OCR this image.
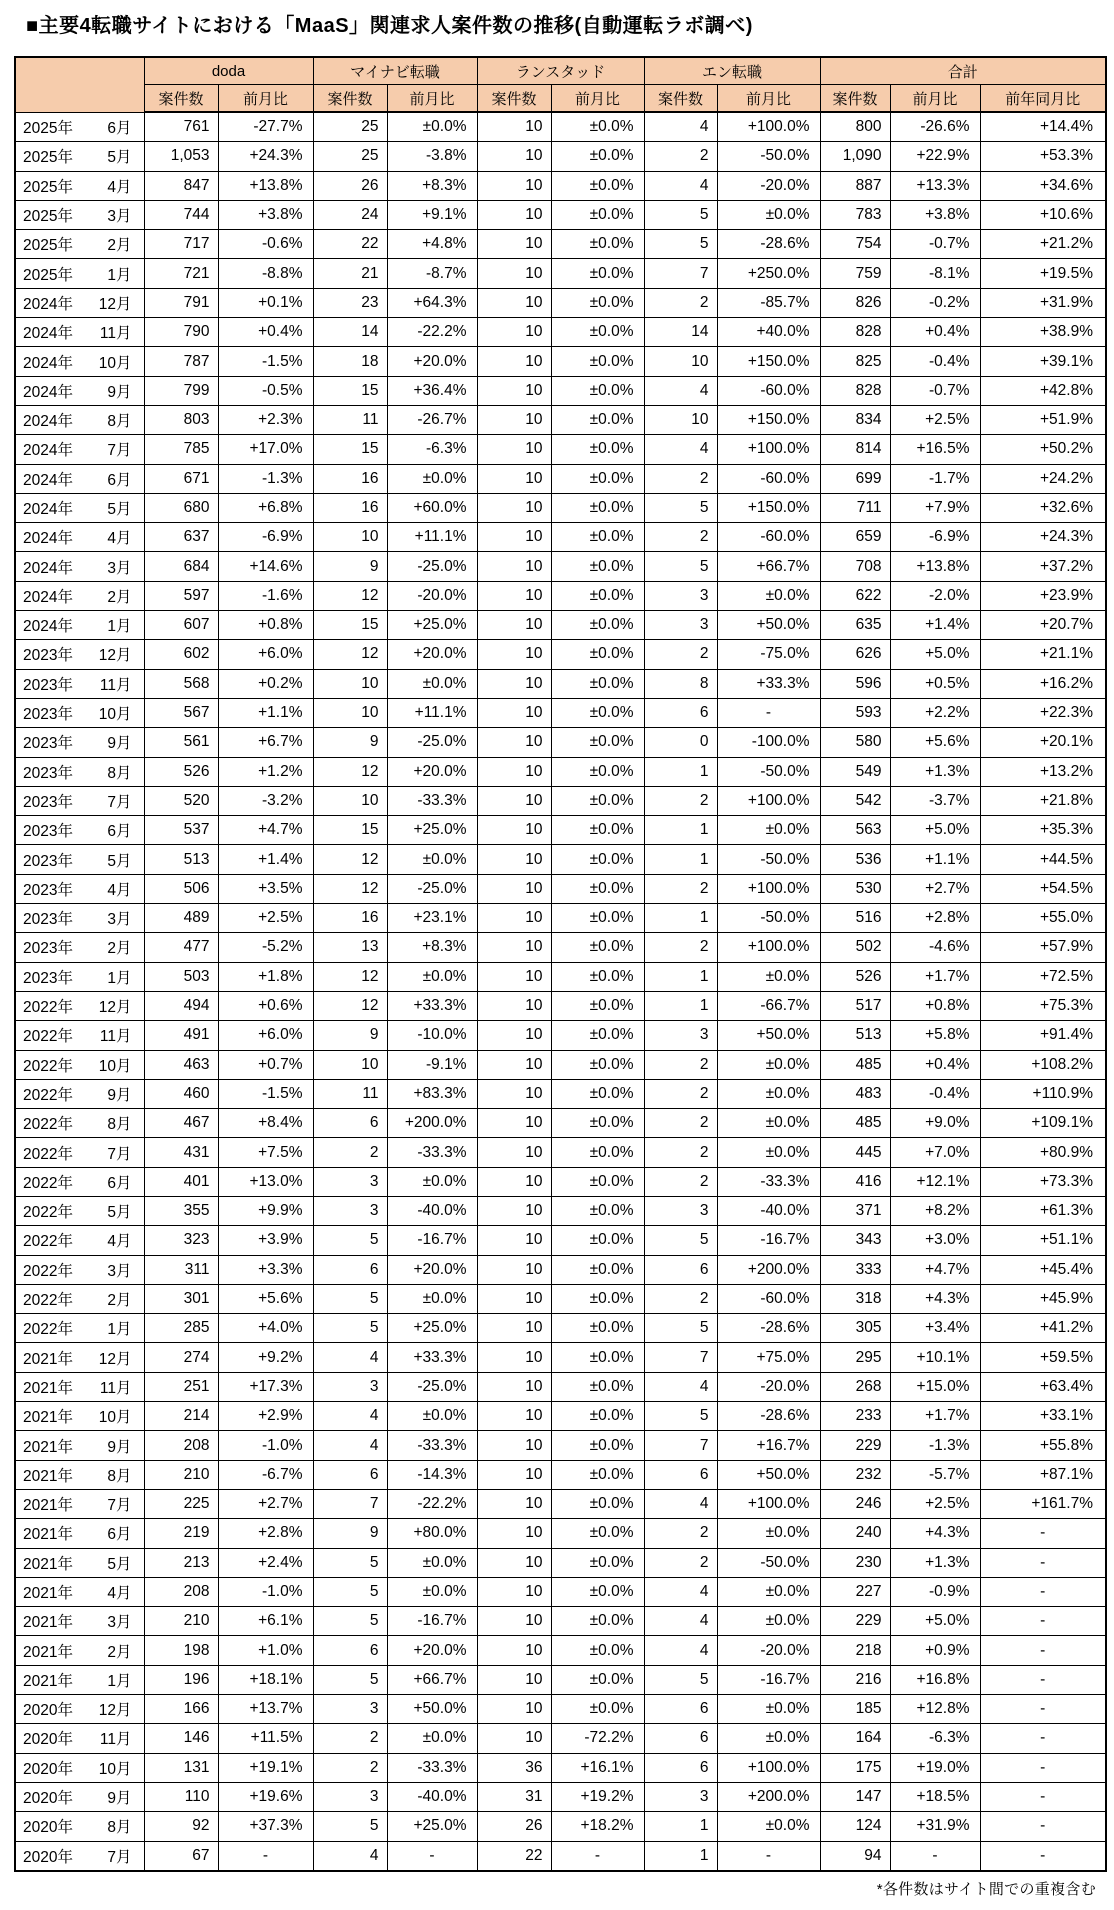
■主要4転職サイトにおける「MaaS」関連求人案件数の推移(自動運転ラボ調べ)
	doda		マイナビ転職		ランスタッド		エン転職		合計		
	案件数	前月比	案件数	前月比	案件数	前月比	案件数	前月比	案件数	前月比	前年同月比

2025年 6月	761	-27.7%	25	±0.0%	10	±0.0%	4	+100.0%	800	-26.6%	+14.4%

2025年 5月	1,053	+24.3%	25	-3.8%	10	±0.0%	2	-50.0%	1,090	+22.9%	+53.3%

2025年 4月	847	+13.8%	26	+8.3%	10	±0.0%	4	-20.0%	887	+13.3%	+34.6%

2025年 3月	744	+3.8%	24	+9.1%	10	±0.0%	5	±0.0%	783	+3.8%	+10.6%

2025年 2月	717	-0.6%	22	+4.8%	10	±0.0%	5	-28.6%	754	-0.7%	+21.2%

2025年 1月	721	-8.8%	21	-8.7%	10	±0.0%	7	+250.0%	759	-8.1%	+19.5%

2024年 12月	791	+0.1%	23	+64.3%	10	±0.0%	2	-85.7%	826	-0.2%	+31.9%

2024年 11月	790	+0.4%	14	-22.2%	10	±0.0%	14	+40.0%	828	+0.4%	+38.9%

2024年 10月	787	-1.5%	18	+20.0%	10	±0.0%	10	+150.0%	825	-0.4%	+39.1%

2024年 9月	799	-0.5%	15	+36.4%	10	±0.0%	4	-60.0%	828	-0.7%	+42.8%

2024年 8月	803	+2.3%	11	-26.7%	10	±0.0%	10	+150.0%	834	+2.5%	+51.9%

2024年 7月	785	+17.0%	15	-6.3%	10	±0.0%	4	+100.0%	814	+16.5%	+50.2%

2024年 6月	671	-1.3%	16	±0.0%	10	±0.0%	2	-60.0%	699	-1.7%	+24.2%

2024年 5月	680	+6.8%	16	+60.0%	10	±0.0%	5	+150.0%	711	+7.9%	+32.6%

2024年 4月	637	-6.9%	10	+11.1%	10	±0.0%	2	-60.0%	659	-6.9%	+24.3%

2024年 3月	684	+14.6%	9	-25.0%	10	±0.0%	5	+66.7%	708	+13.8%	+37.2%

2024年 2月	597	-1.6%	12	-20.0%	10	±0.0%	3	±0.0%	622	-2.0%	+23.9%

2024年 1月	607	+0.8%	15	+25.0%	10	±0.0%	3	+50.0%	635	+1.4%	+20.7%

2023年 12月	602	+6.0%	12	+20.0%	10	±0.0%	2	-75.0%	626	+5.0%	+21.1%

2023年 11月	568	+0.2%	10	±0.0%	10	±0.0%	8	+33.3%	596	+0.5%	+16.2%

2023年 10月	567	+1.1%	10	+11.1%	10	±0.0%	6	-	593	+2.2%	+22.3%

2023年 9月	561	+6.7%	9	-25.0%	10	±0.0%	0	-100.0%	580	+5.6%	+20.1%

2023年 8月	526	+1.2%	12	+20.0%	10	±0.0%	1	-50.0%	549	+1.3%	+13.2%

2023年 7月	520	-3.2%	10	-33.3%	10	±0.0%	2	+100.0%	542	-3.7%	+21.8%

2023年 6月	537	+4.7%	15	+25.0%	10	±0.0%	1	±0.0%	563	+5.0%	+35.3%

2023年 5月	513	+1.4%	12	±0.0%	10	±0.0%	1	-50.0%	536	+1.1%	+44.5%

2023年 4月	506	+3.5%	12	-25.0%	10	±0.0%	2	+100.0%	530	+2.7%	+54.5%

2023年 3月	489	+2.5%	16	+23.1%	10	±0.0%	1	-50.0%	516	+2.8%	+55.0%

2023年 2月	477	-5.2%	13	+8.3%	10	±0.0%	2	+100.0%	502	-4.6%	+57.9%

2023年 1月	503	+1.8%	12	±0.0%	10	±0.0%	1	±0.0%	526	+1.7%	+72.5%

2022年 12月	494	+0.6%	12	+33.3%	10	±0.0%	1	-66.7%	517	+0.8%	+75.3%

2022年 11月	491	+6.0%	9	-10.0%	10	±0.0%	3	+50.0%	513	+5.8%	+91.4%

2022年 10月	463	+0.7%	10	-9.1%	10	±0.0%	2	±0.0%	485	+0.4%	+108.2%

2022年 9月	460	-1.5%	11	+83.3%	10	±0.0%	2	±0.0%	483	-0.4%	+110.9%

2022年 8月	467	+8.4%	6	+200.0%	10	±0.0%	2	±0.0%	485	+9.0%	+109.1%

2022年 7月	431	+7.5%	2	-33.3%	10	±0.0%	2	±0.0%	445	+7.0%	+80.9%

2022年 6月	401	+13.0%	3	±0.0%	10	±0.0%	2	-33.3%	416	+12.1%	+73.3%

2022年 5月	355	+9.9%	3	-40.0%	10	±0.0%	3	-40.0%	371	+8.2%	+61.3%

2022年 4月	323	+3.9%	5	-16.7%	10	±0.0%	5	-16.7%	343	+3.0%	+51.1%

2022年 3月	311	+3.3%	6	+20.0%	10	±0.0%	6	+200.0%	333	+4.7%	+45.4%

2022年 2月	301	+5.6%	5	±0.0%	10	±0.0%	2	-60.0%	318	+4.3%	+45.9%

2022年 1月	285	+4.0%	5	+25.0%	10	±0.0%	5	-28.6%	305	+3.4%	+41.2%

2021年 12月	274	+9.2%	4	+33.3%	10	±0.0%	7	+75.0%	295	+10.1%	+59.5%

2021年 11月	251	+17.3%	3	-25.0%	10	±0.0%	4	-20.0%	268	+15.0%	+63.4%

2021年 10月	214	+2.9%	4	±0.0%	10	±0.0%	5	-28.6%	233	+1.7%	+33.1%

2021年 9月	208	-1.0%	4	-33.3%	10	±0.0%	7	+16.7%	229	-1.3%	+55.8%

2021年 8月	210	-6.7%	6	-14.3%	10	±0.0%	6	+50.0%	232	-5.7%	+87.1%

2021年 7月	225	+2.7%	7	-22.2%	10	±0.0%	4	+100.0%	246	+2.5%	+161.7%

2021年 6月	219	+2.8%	9	+80.0%	10	±0.0%	2	±0.0%	240	+4.3%	-

2021年 5月	213	+2.4%	5	±0.0%	10	±0.0%	2	-50.0%	230	+1.3%	-

2021年 4月	208	-1.0%	5	±0.0%	10	±0.0%	4	±0.0%	227	-0.9%	-

2021年 3月	210	+6.1%	5	-16.7%	10	±0.0%	4	±0.0%	229	+5.0%	-

2021年 2月	198	+1.0%	6	+20.0%	10	±0.0%	4	-20.0%	218	+0.9%	-

2021年 1月	196	+18.1%	5	+66.7%	10	±0.0%	5	-16.7%	216	+16.8%	-

2020年 12月	166	+13.7%	3	+50.0%	10	±0.0%	6	±0.0%	185	+12.8%	-

2020年 11月	146	+11.5%	2	±0.0%	10	-72.2%	6	±0.0%	164	-6.3%	-

2020年 10月	131	+19.1%	2	-33.3%	36	+16.1%	6	+100.0%	175	+19.0%	-

2020年 9月	110	+19.6%	3	-40.0%	31	+19.2%	3	+200.0%	147	+18.5%	-

2020年 8月	92	+37.3%	5	+25.0%	26	+18.2%	1	±0.0%	124	+31.9%	-

2020年 7月	67	-	4	-	22	-	1	-	94	-	-
*各件数はサイト間での重複含む
